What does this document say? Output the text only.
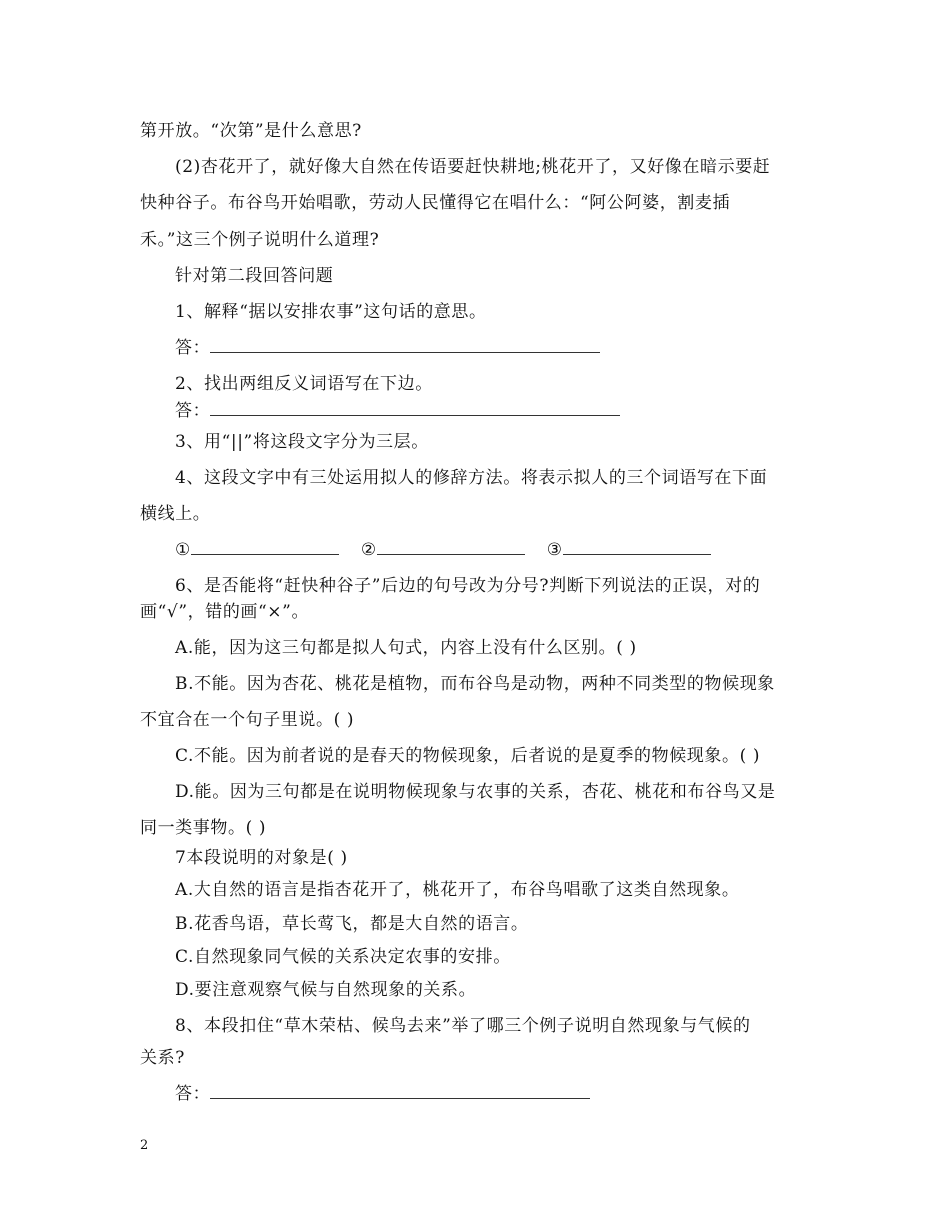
第开放。“次第”是什么意思?
(2)杏花开了，就好像大自然在传语要赶快耕地;桃花开了，又好像在暗示要赶
快种谷子。布谷鸟开始唱歌，劳动人民懂得它在唱什么：“阿公阿婆，割麦插
禾。”这三个例子说明什么道理?
针对第二段回答问题
1、解释“据以安排农事”这句话的意思。
答：
2、找出两组反义词语写在下边。
答：
3、用“||”将这段文字分为三层。
4、这段文字中有三处运用拟人的修辞方法。将表示拟人的三个词语写在下面
横线上。
①	②	③
6、是否能将“赶快种谷子”后边的句号改为分号?判断下列说法的正误，对的
画“√”，错的画“×”。
A.能，因为这三句都是拟人句式，内容上没有什么区别。( )
B.不能。因为杏花、桃花是植物，而布谷鸟是动物，两种不同类型的物候现象
不宜合在一个句子里说。( )
C.不能。因为前者说的是春天的物候现象，后者说的是夏季的物候现象。( )
D.能。因为三句都是在说明物候现象与农事的关系，杏花、桃花和布谷鸟又是
同一类事物。( )
7本段说明的对象是( )
A.大自然的语言是指杏花开了，桃花开了，布谷鸟唱歌了这类自然现象。
B.花香鸟语，草长莺飞，都是大自然的语言。
C.自然现象同气候的关系决定农事的安排。
D.要注意观察气候与自然现象的关系。
8、本段扣住“草木荣枯、候鸟去来”举了哪三个例子说明自然现象与气候的
关系?
答：
2
